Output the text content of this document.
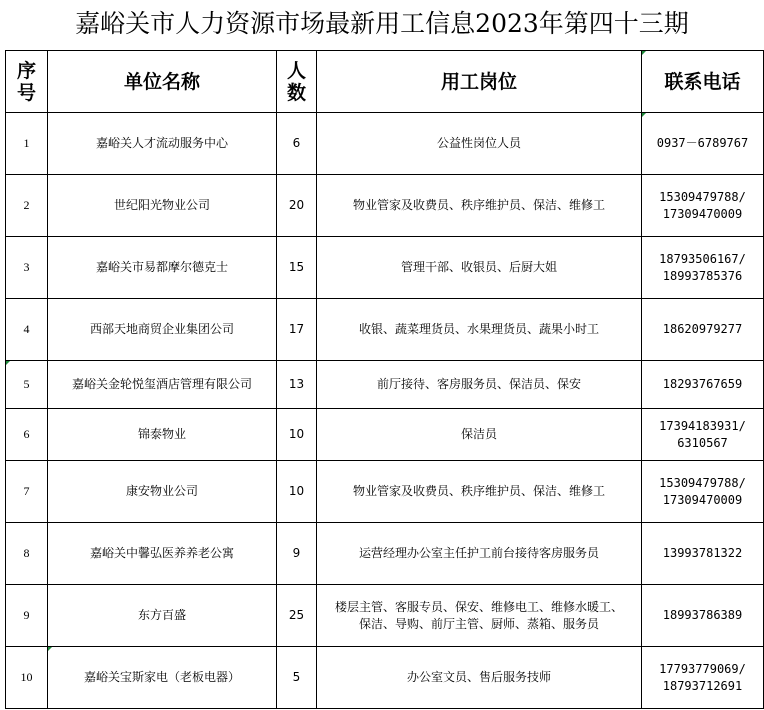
嘉峪关市人力资源市场最新用工信息2023年第四十三期
序
号	单位名称	人
数	用工岗位	联系电话
1	嘉峪关人才流动服务中心	6	公益性岗位人员	0937－6789767

2	世纪阳光物业公司	20	物业管家及收费员、秩序维护员、保洁、维修工	15309479788/
17309470009
3	嘉峪关市易都摩尔德克士	15	管理干部、收银员、后厨大姐	18793506167/
18993785376
4	西部天地商贸企业集团公司	17	收银、蔬菜理货员、水果理货员、蔬果小时工	18620979277
5	嘉峪关金轮悦玺酒店管理有限公司	13	前厅接待、客房服务员、保洁员、保安	18293767659
6	锦泰物业	10	保洁员	17394183931/
6310567
7	康安物业公司	10	物业管家及收费员、秩序维护员、保洁、维修工	15309479788/
17309470009
8	嘉峪关中馨弘医养养老公寓	9	运营经理办公室主任护工前台接待客房服务员	13993781322
9	东方百盛	25	楼层主管、客服专员、保安、维修电工、维修水暖工、
保洁、导购、前厅主管、厨师、蒸箱、服务员	18993786389
10	嘉峪关宝斯家电（老板电器）	5	办公室文员、售后服务技师	17793779069/
18793712691
